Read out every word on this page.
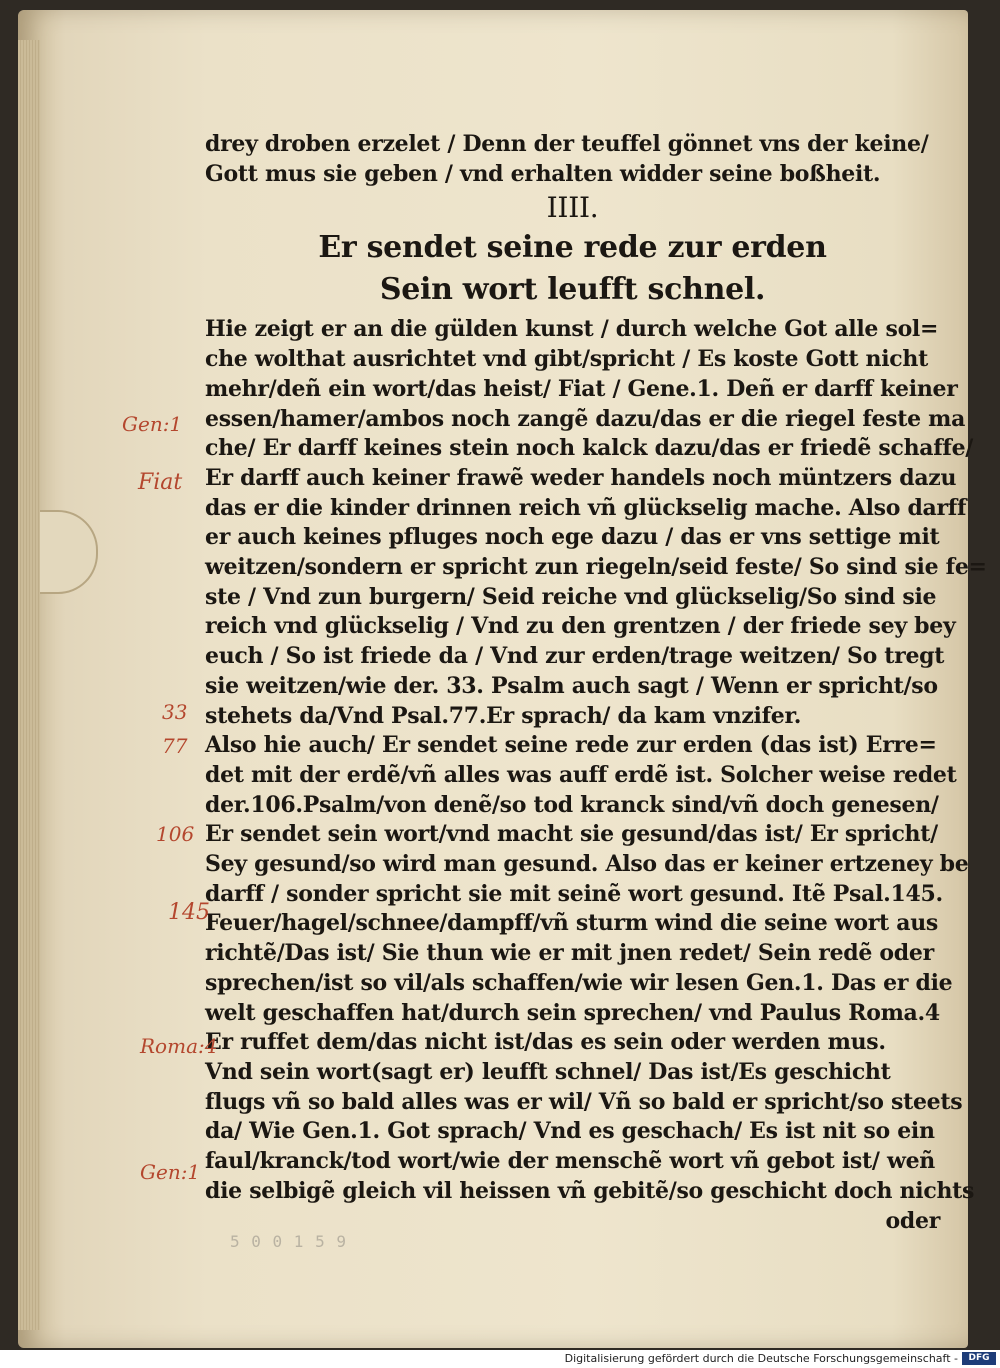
drey droben erzelet / Denn der teuffel gönnet vns der keine/
Gott mus sie geben / vnd erhalten widder seine boßheit.
IIII.
Er sendet seine rede zur erden
Sein wort leufft schnel.
Hie zeigt er an die gülden kunst / durch welche Got alle sol=
che wolthat ausrichtet vnd gibt/spricht / Es koste Gott nicht
mehr/deñ ein wort/das heist/ Fiat / Gene.1. Deñ er darff keiner
essen/hamer/ambos noch zangẽ dazu/das er die riegel feste ma
che/ Er darff keines stein noch kalck dazu/das er friedẽ schaffe/
Er darff auch keiner frawẽ weder handels noch müntzers dazu
das er die kinder drinnen reich vñ glückselig mache. Also darff
er auch keines pfluges noch ege dazu / das er vns settige mit
weitzen/sondern er spricht zun riegeln/seid feste/ So sind sie fe=
ste / Vnd zun burgern/ Seid reiche vnd glückselig/So sind sie
reich vnd glückselig / Vnd zu den grentzen / der friede sey bey
euch / So ist friede da / Vnd zur erden/trage weitzen/ So tregt
sie weitzen/wie der. 33. Psalm auch sagt / Wenn er spricht/so
stehets da/Vnd Psal.77.Er sprach/ da kam vnzifer.
Also hie auch/ Er sendet seine rede zur erden (das ist) Erre=
det mit der erdẽ/vñ alles was auff erdẽ ist. Solcher weise redet
der.106.Psalm/von denẽ/so tod kranck sind/vñ doch genesen/
Er sendet sein wort/vnd macht sie gesund/das ist/ Er spricht/
Sey gesund/so wird man gesund. Also das er keiner ertzeney be
darff / sonder spricht sie mit seinẽ wort gesund. Itẽ Psal.145.
Feuer/hagel/schnee/dampff/vñ sturm wind die seine wort aus
richtẽ/Das ist/ Sie thun wie er mit jnen redet/ Sein redẽ oder
sprechen/ist so vil/als schaffen/wie wir lesen Gen.1. Das er die
welt geschaffen hat/durch sein sprechen/ vnd Paulus Roma.4
Er ruffet dem/das nicht ist/das es sein oder werden mus.
Vnd sein wort(sagt er) leufft schnel/ Das ist/Es geschicht
flugs vñ so bald alles was er wil/ Vñ so bald er spricht/so steets
da/ Wie Gen.1. Got sprach/ Vnd es geschach/ Es ist nit so ein
faul/kranck/tod wort/wie der menschẽ wort vñ gebot ist/ weñ
die selbigẽ gleich vil heissen vñ gebitẽ/so geschicht doch nichts
oder
Gen:1
Fiat
33
77
106
145
Roma:4
Gen:1
5 0 0 1 5 9
Digitalisierung gefördert durch die Deutsche Forschungsgemeinschaft -	DFG
